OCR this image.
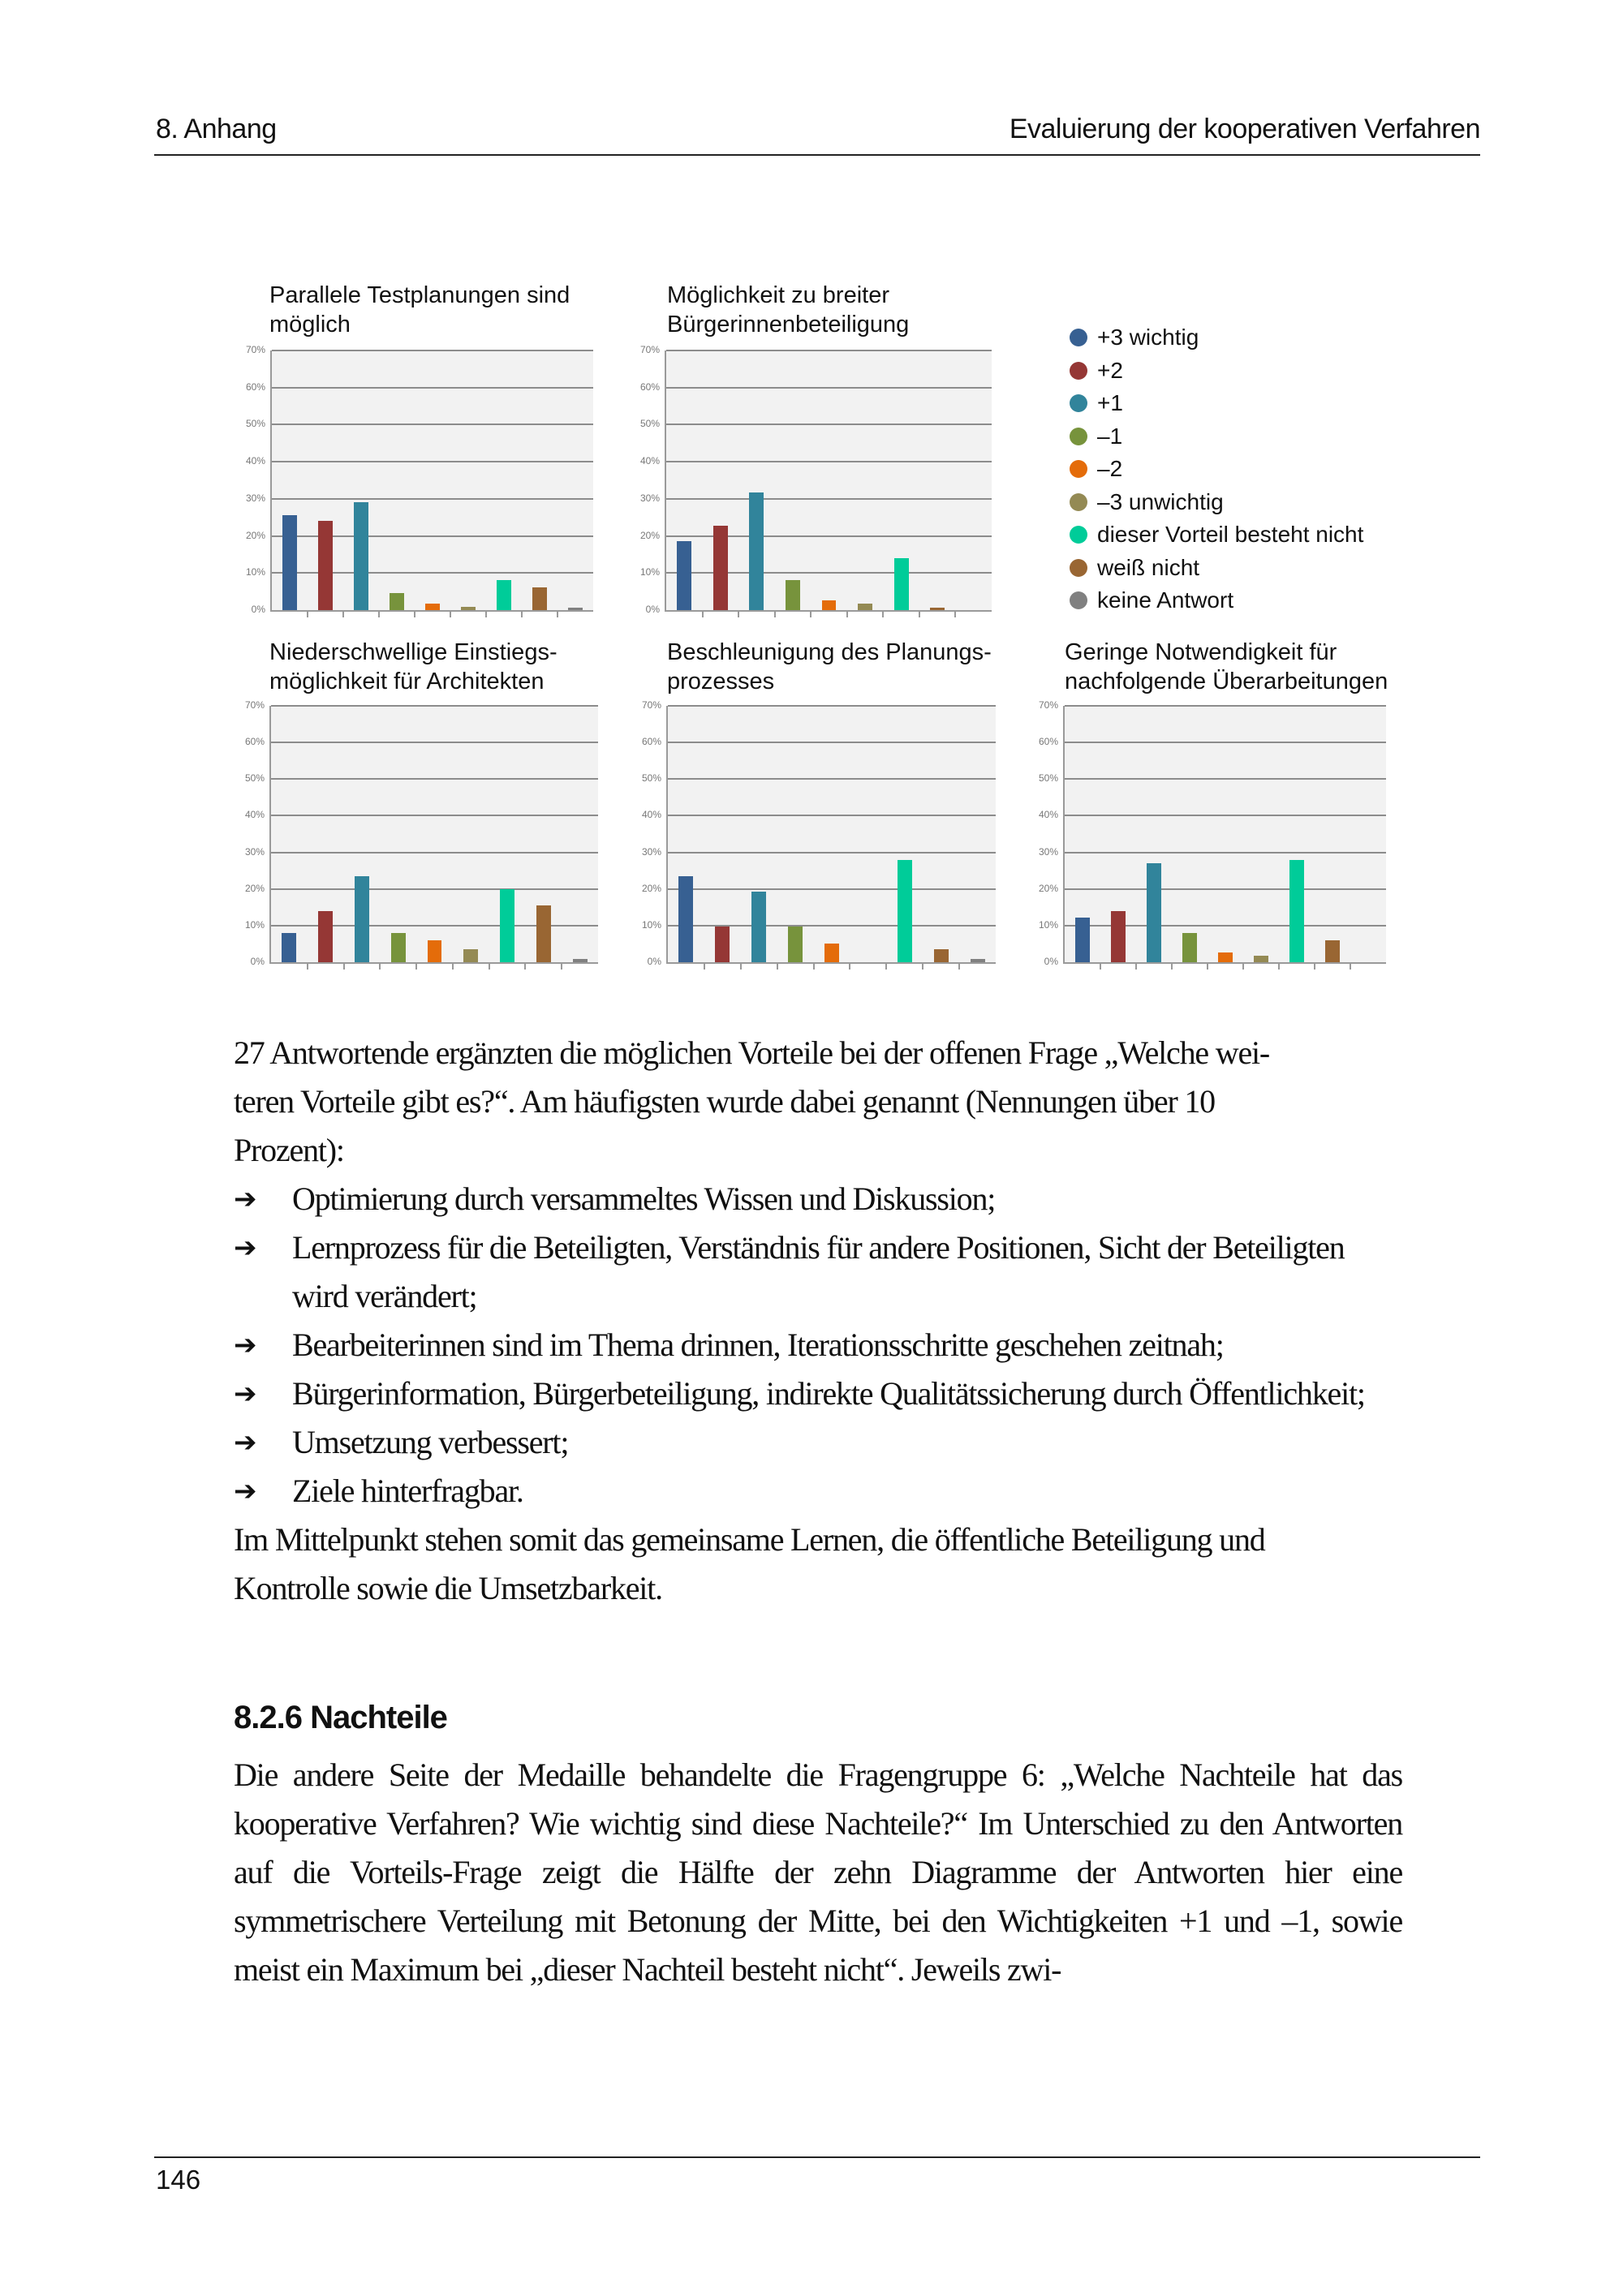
8. Anhang	Evaluierung der kooperativen Verfahren
Parallele Testplanungen sind
möglich
0%
10%
20%
30%
40%
50%
60%
70%
Möglichkeit zu breiter
Bürgerinnenbeteiligung
0%
10%
20%
30%
40%
50%
60%
70%
Niederschwellige Einstiegs-
möglichkeit für Architekten
0%
10%
20%
30%
40%
50%
60%
70%
Beschleunigung des Planungs-
prozesses
0%
10%
20%
30%
40%
50%
60%
70%
Geringe Notwendigkeit für
nachfolgende Überarbeitungen
0%
10%
20%
30%
40%
50%
60%
70%
+3 wichtig
+2
+1
–1
–2
–3 unwichtig
dieser Vorteil besteht nicht
weiß nicht
keine Antwort

27 Antwortende ergänzten die möglichen Vorteile bei der offenen Frage „Welche wei-

teren Vorteile gibt es?“. Am häufigsten wurde dabei genannt (Nennungen über 10

Prozent):

➔	Optimierung durch versammeltes Wissen und Diskussion;
➔	Lernprozess für die Beteiligten, Verständnis für andere Positionen, Sicht der Beteiligten wird verändert;
➔	Bearbeiterinnen sind im Thema drinnen, Iterationsschritte geschehen zeitnah;
➔	Bürgerinformation, Bürgerbeteiligung, indirekte Qualitätssicherung durch Öffentlichkeit;
➔	Umsetzung verbessert;
➔	Ziele hinterfragbar.

Im Mittelpunkt stehen somit das gemeinsame Lernen, die öffentliche Beteiligung und Kontrolle sowie die Umsetzbarkeit.

8.2.6 Nachteile

Die andere Seite der Medaille behandelte die Fragengruppe 6: „Welche Nachteile hat das kooperative Verfahren? Wie wichtig sind diese Nachteile?“ Im Unterschied zu den Antworten auf die Vorteils-Frage zeigt die Hälfte der zehn Diagramme der Antworten hier eine symmetrischere Verteilung mit Betonung der Mitte, bei den Wichtigkeiten +1 und –1, sowie meist ein Maximum bei „dieser Nachteil besteht nicht“. Jeweils zwi-

146
